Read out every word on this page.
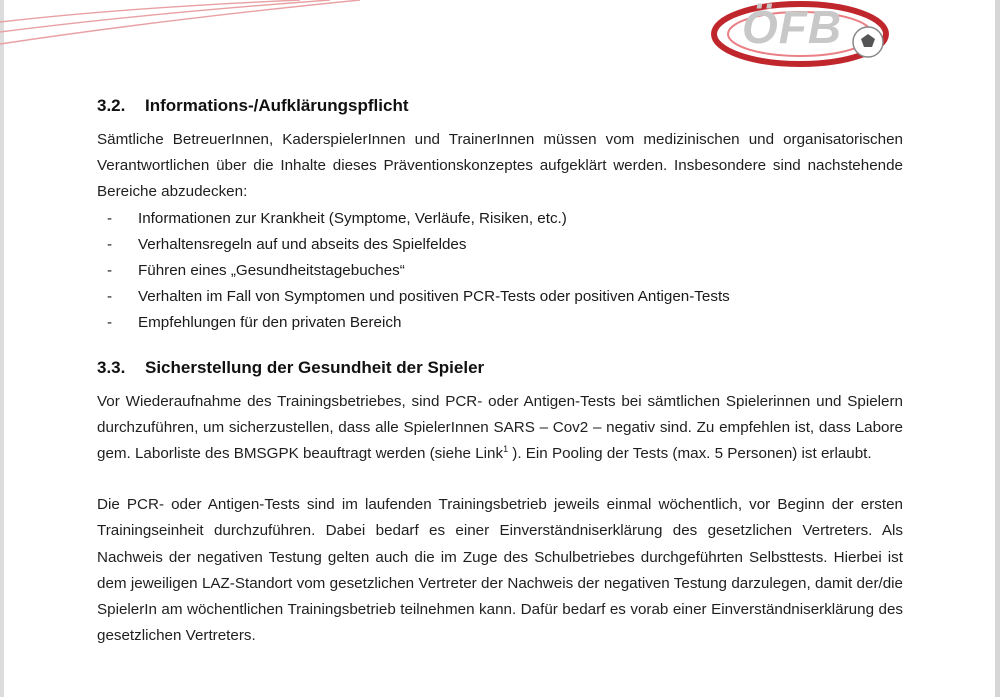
ÖFB
3.2.	Informations-/Aufklärungspflicht

Sämtliche BetreuerInnen, KaderspielerInnen und TrainerInnen müssen vom medizinischen und organisatorischen Verantwortlichen über die Inhalte dieses Präventionskonzeptes aufgeklärt werden. Insbesondere sind nachstehende Bereiche abzudecken:

- Informationen zur Krankheit (Symptome, Verläufe, Risiken, etc.)
- Verhaltensregeln auf und abseits des Spielfeldes
- Führen eines „Gesundheitstagebuches“
- Verhalten im Fall von Symptomen und positiven PCR-Tests oder positiven Antigen-Tests
- Empfehlungen für den privaten Bereich
3.3.	Sicherstellung der Gesundheit der Spieler

Vor Wiederaufnahme des Trainingsbetriebes, sind PCR- oder Antigen-Tests bei sämtlichen Spielerinnen und Spielern durchzuführen, um sicherzustellen, dass alle SpielerInnen SARS – Cov2 – negativ sind. Zu empfehlen ist, dass Labore gem. Laborliste des BMSGPK beauftragt werden (siehe Link$^1$ ). Ein Pooling der Tests (max. 5 Personen) ist erlaubt.

Die PCR- oder Antigen-Tests sind im laufenden Trainingsbetrieb jeweils einmal wöchentlich, vor Beginn der ersten Trainingseinheit durchzuführen. Dabei bedarf es einer Einverständniserklärung des gesetzlichen Vertreters. Als Nachweis der negativen Testung gelten auch die im Zuge des Schulbetriebes durchgeführten Selbsttests. Hierbei ist dem jeweiligen LAZ-Standort vom gesetzlichen Vertreter der Nachweis der negativen Testung darzulegen, damit der/die SpielerIn am wöchentlichen Trainingsbetrieb teilnehmen kann. Dafür bedarf es vorab einer Einverständniserklärung des gesetzlichen Vertreters.
